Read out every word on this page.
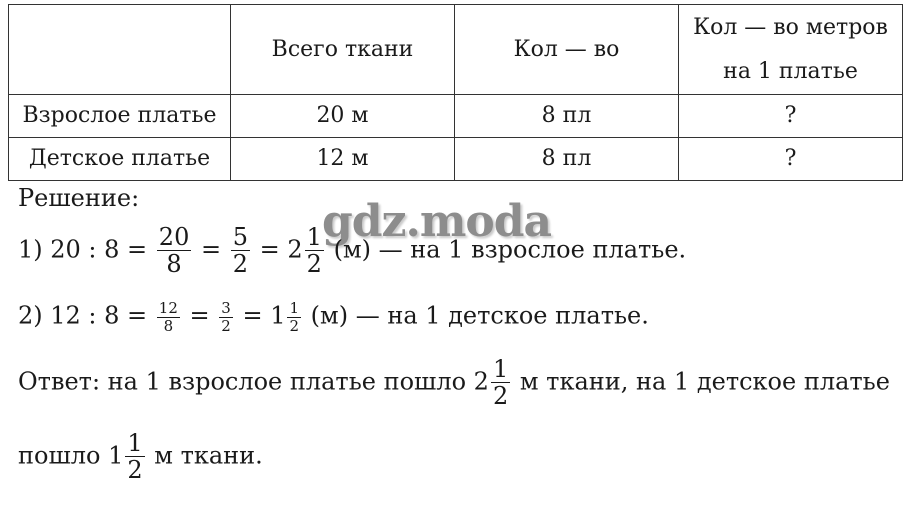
	Всего ткани	Кол — во	Кол — во метров
на 1 платье

Взрослое платье	20 м	8 пл	?
Детское платье	12 м	8 пл	?
Решение:	gdz.moda
1) 20 : $8 = \frac{20}{8} = \frac{5}{2} = 2 \frac{1}{2} (м)$ — на 1 взрослое платье.
2) 12 : $8 = \frac{12}{8} = \frac{3}{2} = 1 \frac{1}{2} (м)$ — на 1 детское платье.
Ответ: на 1 взрослое платье пошло $2 \frac{1}{2}$ м ткани, на 1 детское платье
пошло $1 \frac{1}{2}$ м ткани.
